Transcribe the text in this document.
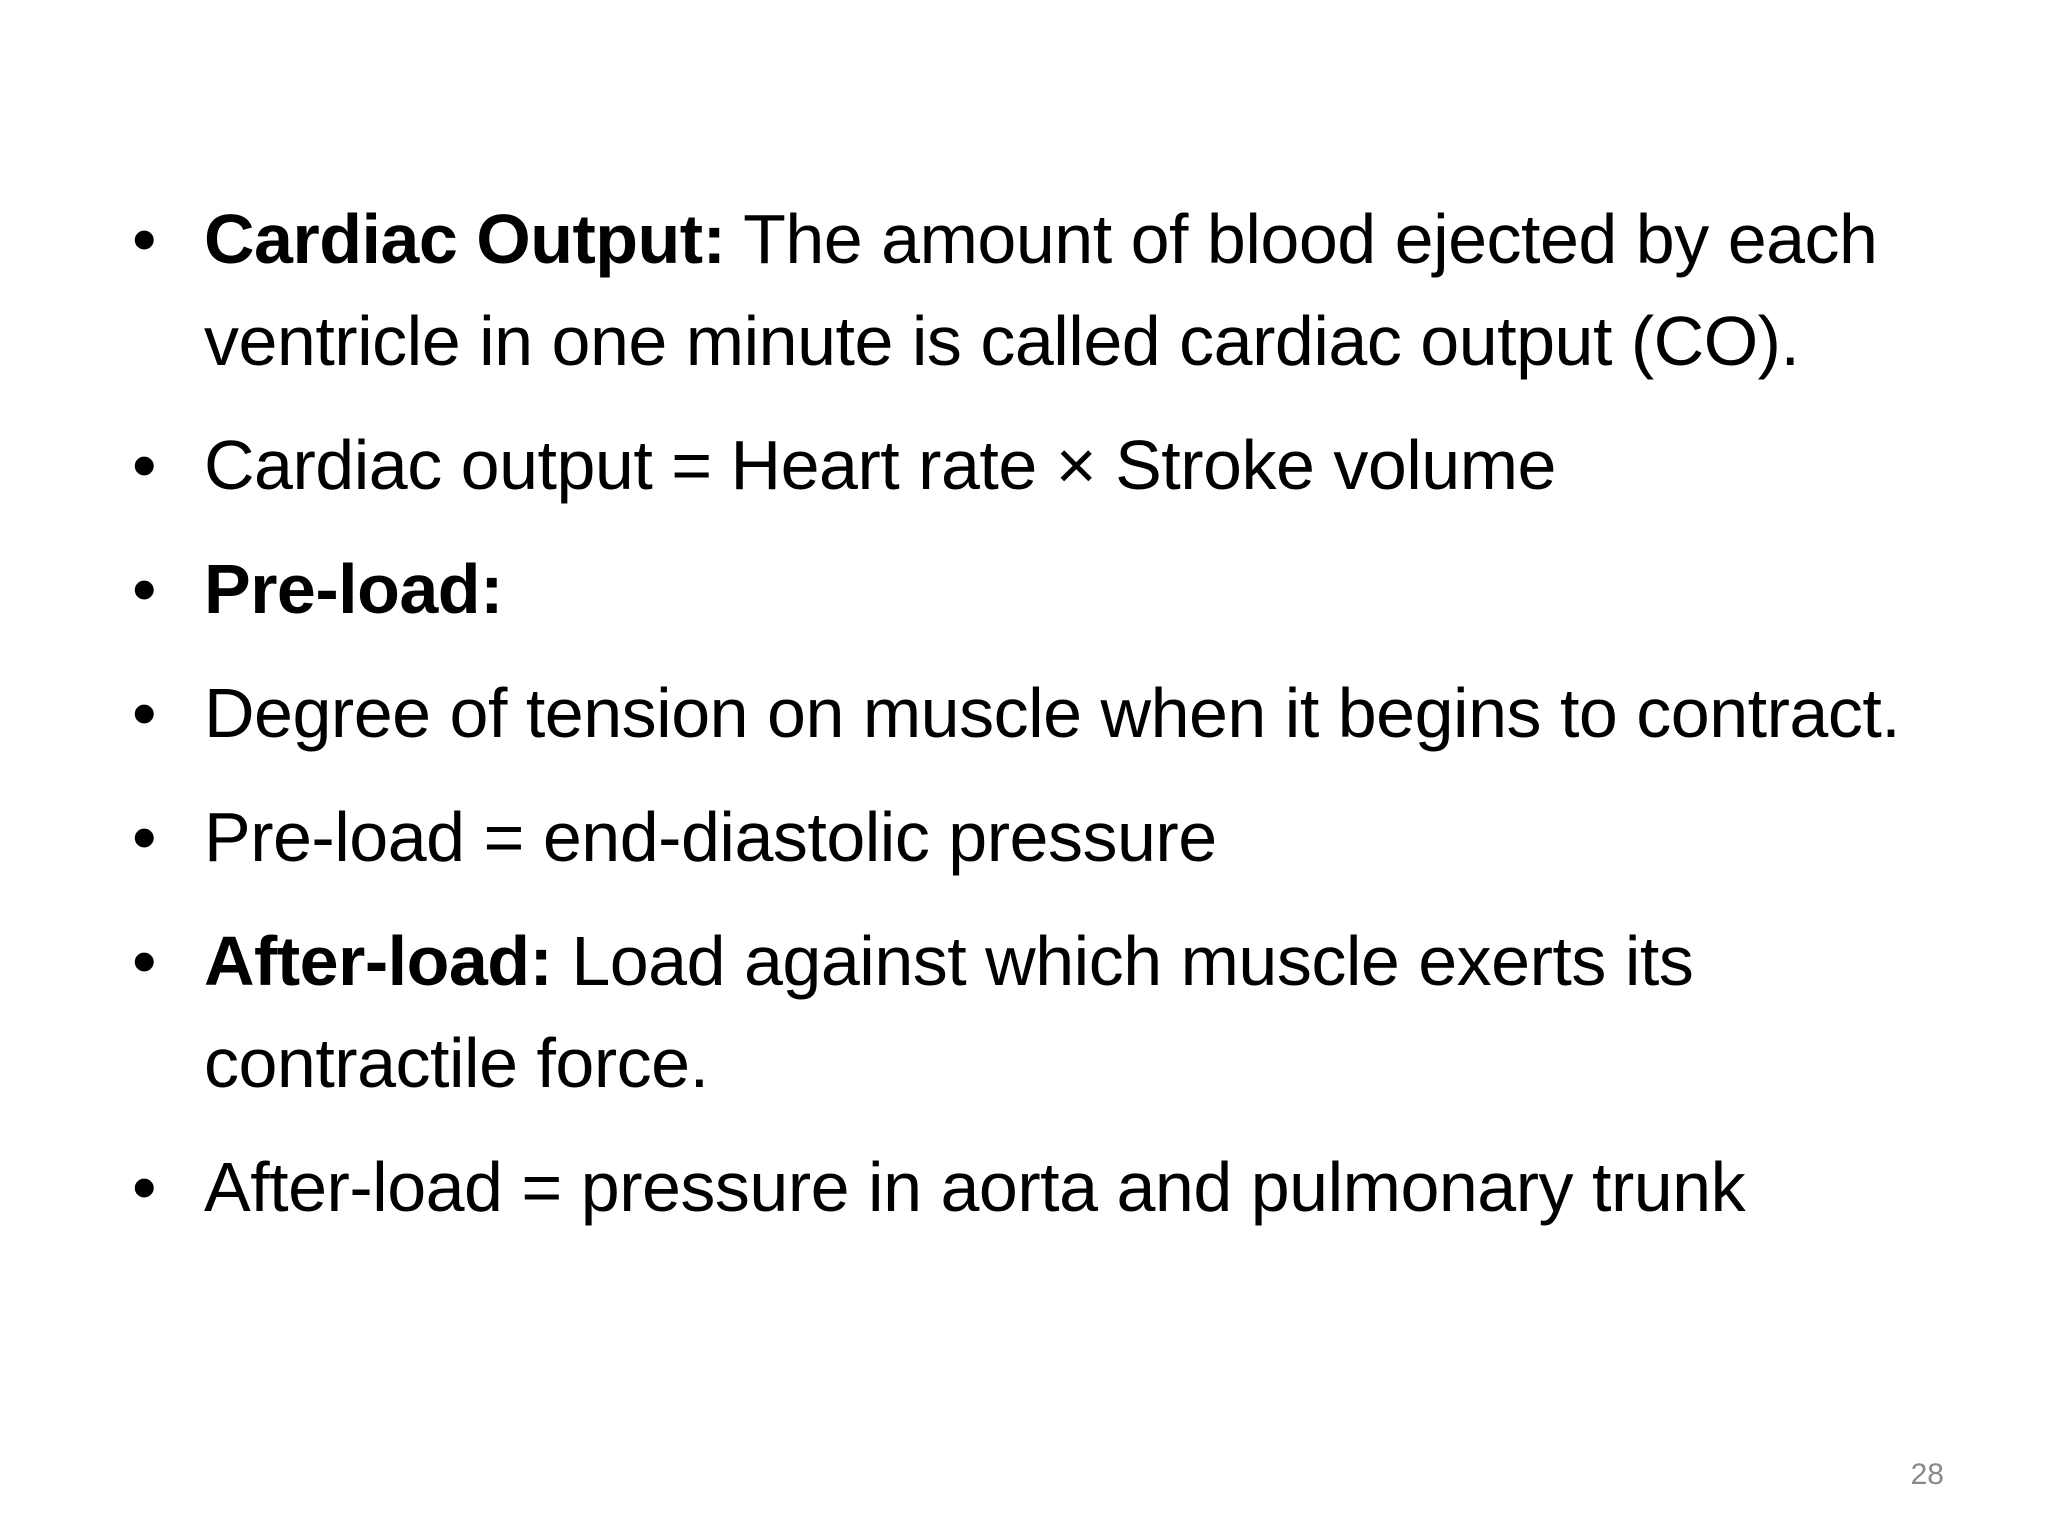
• Cardiac Output: The amount of blood ejected by each ventricle in one minute is called cardiac output (CO).
• Cardiac output = Heart rate × Stroke volume
• Pre-load:
• Degree of tension on muscle when it begins to contract.
• Pre-load = end-diastolic pressure
• After-load: Load against which muscle exerts its contractile force.
• After-load = pressure in aorta and pulmonary trunk
28
